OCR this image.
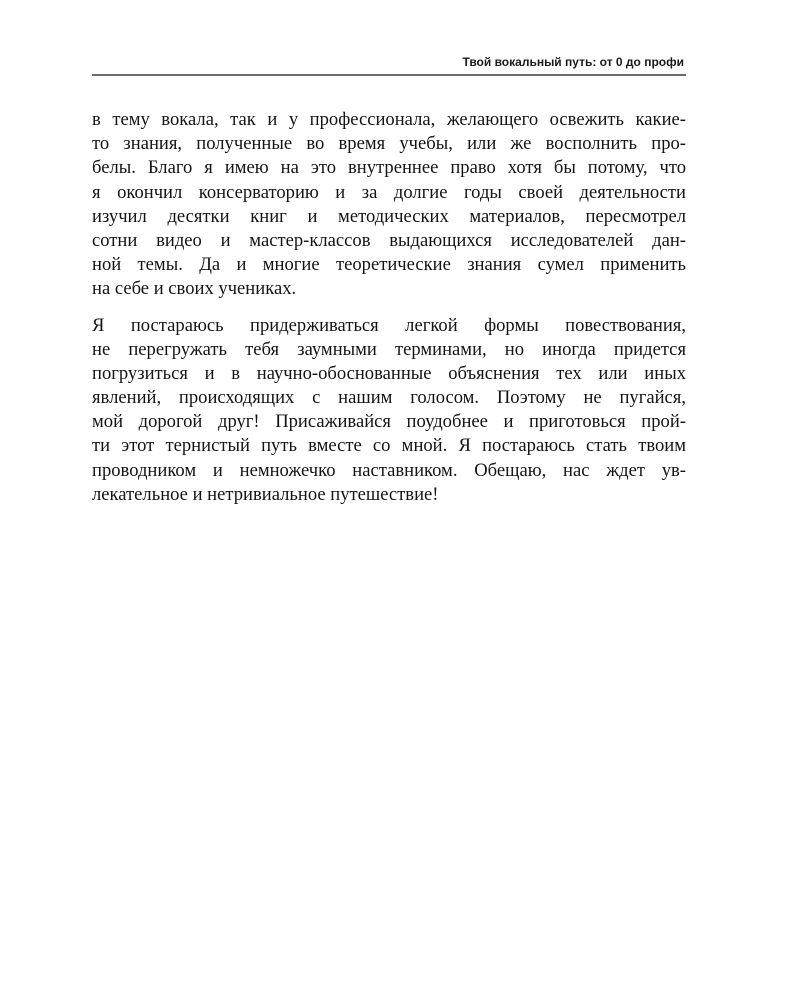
Твой вокальный путь: от 0 до профи
в тему вокала, так и у профессионала, желающего освежить какие-
то знания, полученные во время учебы, или же восполнить про-
белы. Благо я имею на это внутреннее право хотя бы потому, что
я окончил консерваторию и за долгие годы своей деятельности
изучил десятки книг и методических материалов, пересмотрел
сотни видео и мастер-классов выдающихся исследователей дан-
ной темы. Да и многие теоретические знания сумел применить
на себе и своих учениках.
Я постараюсь придерживаться легкой формы повествования,
не перегружать тебя заумными терминами, но иногда придется
погрузиться и в научно-обоснованные объяснения тех или иных
явлений, происходящих с нашим голосом. Поэтому не пугайся,
мой дорогой друг! Присаживайся поудобнее и приготовься прой-
ти этот тернистый путь вместе со мной. Я постараюсь стать твоим
проводником и немножечко наставником. Обещаю, нас ждет ув-
лекательное и нетривиальное путешествие!
